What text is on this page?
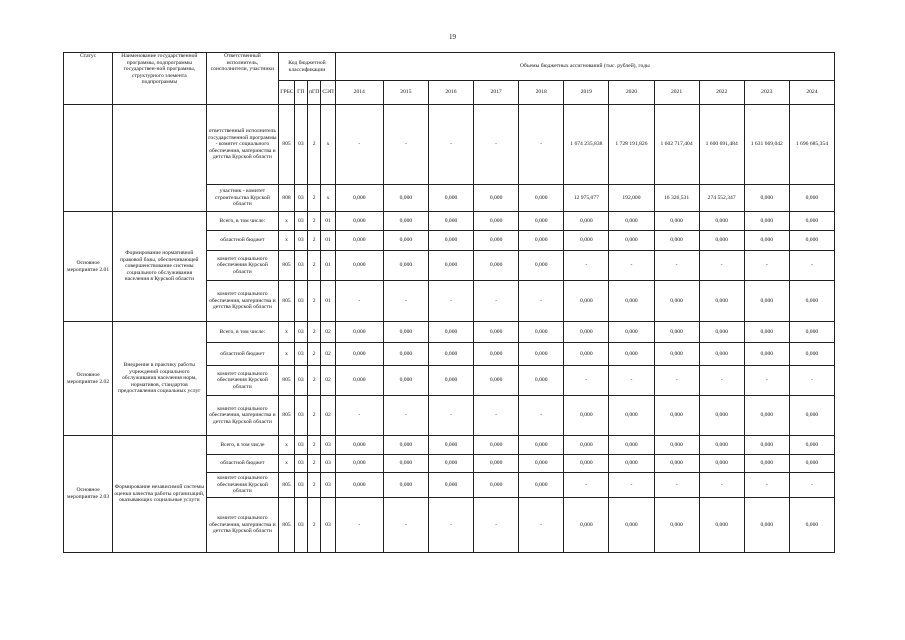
19
Статус	Наименование государственной программы, подпрограммы государствен-ной программы, структурного элемента подпрограммы	Ответственный исполнитель, соисполнители, участники	Код бюджетной классификации				Объемы бюджетных ассигнований (тыс. рублей), годы										
			ГРБС	ГП	пГП	СЭП	2014	2015	2016	2017	2018	2019	2020	2021	2022	2023	2024
		ответственный исполнитель государственной программы - комитет социального обеспечения, материнства и детства Курской области	805	03	2	х	-	-	-	-	-	1 674 235,838	1 728 191,826	1 602 717,404	1 600 691,484	1 631 669,042	1 696 685,354
		участник - комитет строительства Курской области	808	03	2	х	0,000	0,000	0,000	0,000	0,000	12 975,077	192,000	16 326,531	274 552,347	0,000	0,000
Основное мероприятие 2.01	Формирование нормативной правовой базы, обеспечивающей совершенствование системы социального обслуживания населения в Курской области	Всего, в том числе:	х	03	2	01	0,000	0,000	0,000	0,000	0,000	0,000	0,000	0,000	0,000	0,000	0,000
		областной бюджет	х	03	2	01	0,000	0,000	0,000	0,000	0,000	0,000	0,000	0,000	0,000	0,000	0,000
		комитет социального обеспечения Курской области	805	03	2	01	0,000	0,000	0,000	0,000	0,000	-	-	-	-	-	-
		комитет социального обеспечения, материнства и детства Курской области	805	03	2	01	-	-	-	-	-	0,000	0,000	0,000	0,000	0,000	0,000
Основное мероприятие 2.02	Внедрение в практику работы учреждений социального обслуживания населения норм, нормативов, стандартов предоставления социальных услуг	Всего, в том числе:	х	03	2	02	0,000	0,000	0,000	0,000	0,000	0,000	0,000	0,000	0,000	0,000	0,000
		областной бюджет	х	03	2	02	0,000	0,000	0,000	0,000	0,000	0,000	0,000	0,000	0,000	0,000	0,000
		комитет социального обеспечения Курской области	805	03	2	02	0,000	0,000	0,000	0,000	0,000	-	-	-	-	-	-
		комитет социального обеспечения, материнства и детства Курской области	805	03	2	02	-	-	-	-	-	0,000	0,000	0,000	0,000	0,000	0,000
Основное мероприятие 2.03	Формирование независимой системы оценки качества работы организаций, оказывающих социальные услуги	Всего, в том числе	х	03	2	03	0,000	0,000	0,000	0,000	0,000	0,000	0,000	0,000	0,000	0,000	0,000
		областной бюджет	х	03	2	03	0,000	0,000	0,000	0,000	0,000	0,000	0,000	0,000	0,000	0,000	0,000
		комитет социального обеспечения Курской области	805	03	2	03	0,000	0,000	0,000	0,000	0,000	-	-	-	-	-	-
		комитет социального обеспечения, материнства и детства Курской области	805	03	2	03	-	-	-	-	-	0,000	0,000	0,000	0,000	0,000	0,000
